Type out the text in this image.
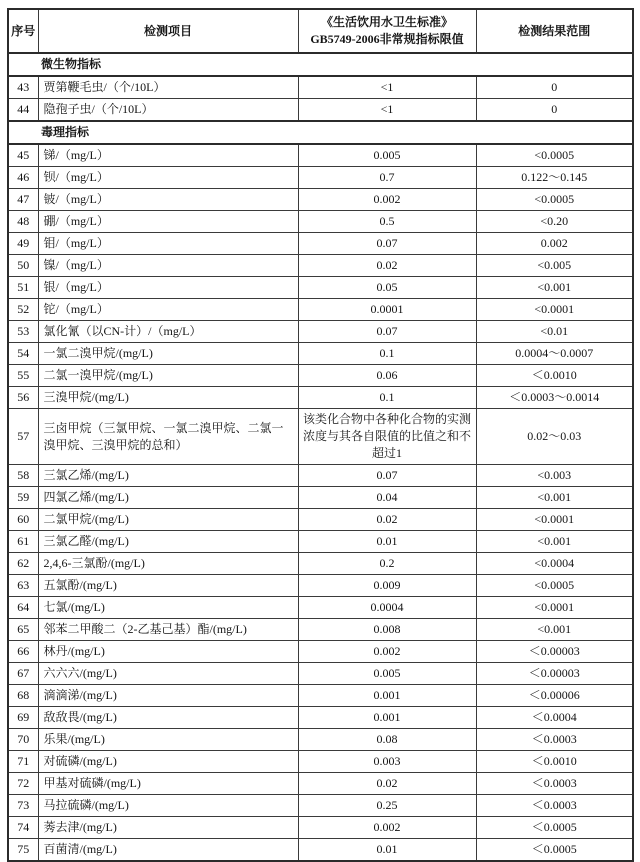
序号	检测项目	《生活饮用水卫生标准》
GB5749-2006非常规指标限值	检测结果范围
微生物指标			
43	贾第鞭毛虫/（个/10L）	<1	0
44	隐孢子虫/（个/10L）	<1	0
毒理指标			
45	锑/（mg/L）	0.005	<0.0005
46	钡/（mg/L）	0.7	0.122～0.145
47	铍/（mg/L）	0.002	<0.0005
48	硼/（mg/L）	0.5	<0.20
49	钼/（mg/L）	0.07	0.002
50	镍/（mg/L）	0.02	<0.005
51	银/（mg/L）	0.05	<0.001
52	铊/（mg/L）	0.0001	<0.0001
53	氯化氰（以CN-计）/（mg/L）	0.07	<0.01
54	一氯二溴甲烷/(mg/L)	0.1	0.0004～0.0007
55	二氯一溴甲烷/(mg/L)	0.06	＜0.0010
56	三溴甲烷/(mg/L)	0.1	＜0.0003～0.0014
57	三卤甲烷（三氯甲烷、一氯二溴甲烷、二氯一溴甲烷、三溴甲烷的总和）	该类化合物中各种化合物的实测浓度与其各自限值的比值之和不超过1	0.02～0.03
58	三氯乙烯/(mg/L)	0.07	<0.003
59	四氯乙烯/(mg/L)	0.04	<0.001
60	二氯甲烷/(mg/L)	0.02	<0.0001
61	三氯乙醛/(mg/L)	0.01	<0.001
62	2,4,6-三氯酚/(mg/L)	0.2	<0.0004
63	五氯酚/(mg/L)	0.009	<0.0005
64	七氯/(mg/L)	0.0004	<0.0001
65	邻苯二甲酸二（2-乙基己基）酯/(mg/L)	0.008	<0.001
66	林丹/(mg/L)	0.002	＜0.00003
67	六六六/(mg/L)	0.005	＜0.00003
68	滴滴涕/(mg/L)	0.001	＜0.00006
69	敌敌畏/(mg/L)	0.001	＜0.0004
70	乐果/(mg/L)	0.08	＜0.0003
71	对硫磷/(mg/L)	0.003	＜0.0010
72	甲基对硫磷/(mg/L)	0.02	＜0.0003
73	马拉硫磷/(mg/L)	0.25	＜0.0003
74	莠去津/(mg/L)	0.002	＜0.0005
75	百菌清/(mg/L)	0.01	＜0.0005
